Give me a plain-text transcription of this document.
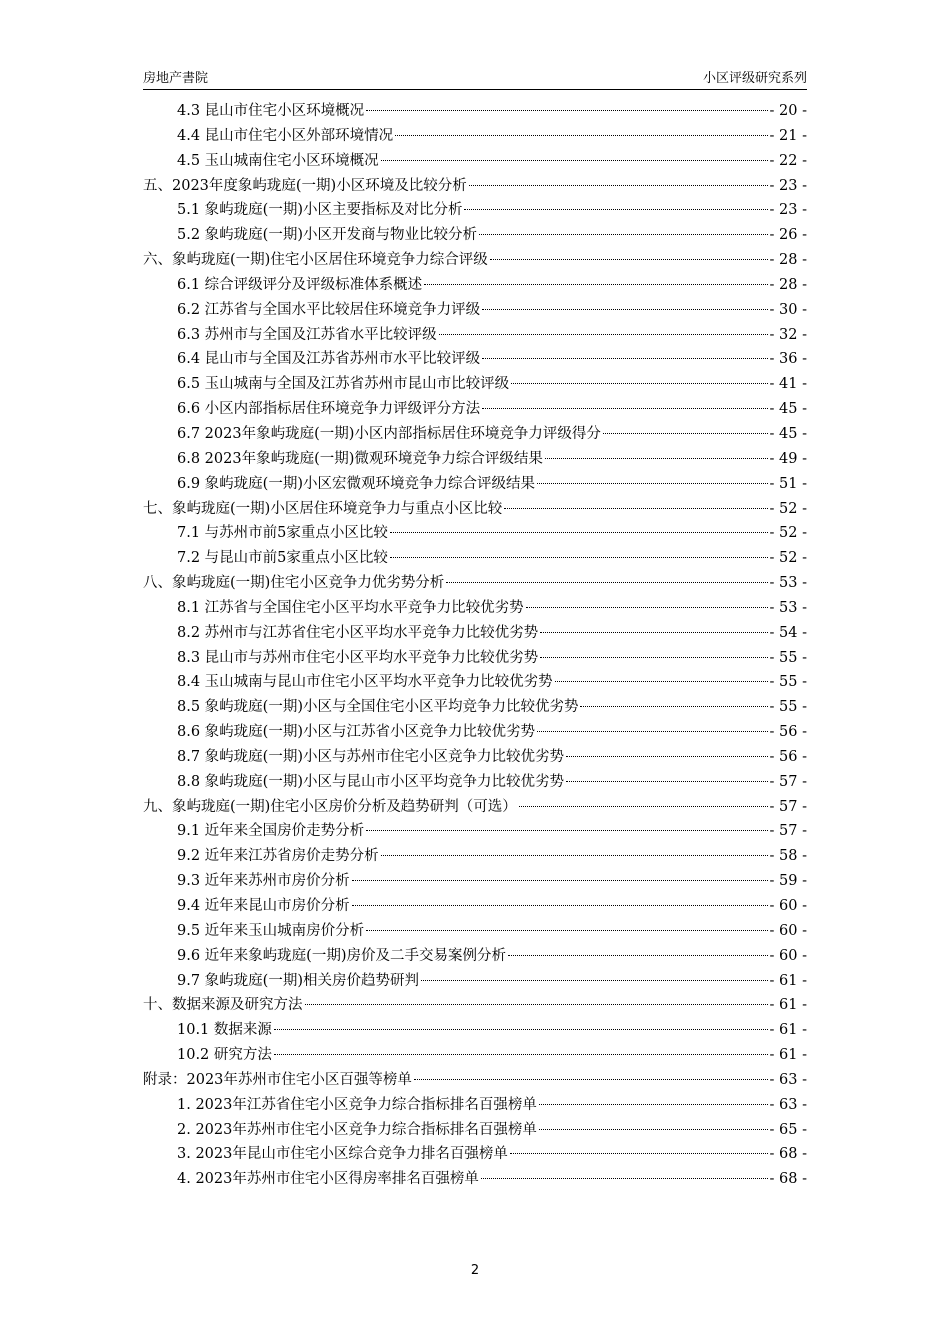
房地产書院	小区评级研究系列
4.3 昆山市住宅小区环境概况	- 20 -
4.4 昆山市住宅小区外部环境情况	- 21 -
4.5 玉山城南住宅小区环境概况	- 22 -
五、2023年度象屿珑庭(一期)小区环境及比较分析	- 23 -
5.1 象屿珑庭(一期)小区主要指标及对比分析	- 23 -
5.2 象屿珑庭(一期)小区开发商与物业比较分析	- 26 -
六、象屿珑庭(一期)住宅小区居住环境竞争力综合评级	- 28 -
6.1 综合评级评分及评级标准体系概述	- 28 -
6.2 江苏省与全国水平比较居住环境竞争力评级	- 30 -
6.3 苏州市与全国及江苏省水平比较评级	- 32 -
6.4 昆山市与全国及江苏省苏州市水平比较评级	- 36 -
6.5 玉山城南与全国及江苏省苏州市昆山市比较评级	- 41 -
6.6 小区内部指标居住环境竞争力评级评分方法	- 45 -
6.7 2023年象屿珑庭(一期)小区内部指标居住环境竞争力评级得分	- 45 -
6.8 2023年象屿珑庭(一期)微观环境竞争力综合评级结果	- 49 -
6.9 象屿珑庭(一期)小区宏微观环境竞争力综合评级结果	- 51 -
七、象屿珑庭(一期)小区居住环境竞争力与重点小区比较	- 52 -
7.1 与苏州市前5家重点小区比较	- 52 -
7.2 与昆山市前5家重点小区比较	- 52 -
八、象屿珑庭(一期)住宅小区竞争力优劣势分析	- 53 -
8.1 江苏省与全国住宅小区平均水平竞争力比较优劣势	- 53 -
8.2 苏州市与江苏省住宅小区平均水平竞争力比较优劣势	- 54 -
8.3 昆山市与苏州市住宅小区平均水平竞争力比较优劣势	- 55 -
8.4 玉山城南与昆山市住宅小区平均水平竞争力比较优劣势	- 55 -
8.5 象屿珑庭(一期)小区与全国住宅小区平均竞争力比较优劣势	- 55 -
8.6 象屿珑庭(一期)小区与江苏省小区竞争力比较优劣势	- 56 -
8.7 象屿珑庭(一期)小区与苏州市住宅小区竞争力比较优劣势	- 56 -
8.8 象屿珑庭(一期)小区与昆山市小区平均竞争力比较优劣势	- 57 -
九、象屿珑庭(一期)住宅小区房价分析及趋势研判（可选）	- 57 -
9.1 近年来全国房价走势分析	- 57 -
9.2 近年来江苏省房价走势分析	- 58 -
9.3 近年来苏州市房价分析	- 59 -
9.4 近年来昆山市房价分析	- 60 -
9.5 近年来玉山城南房价分析	- 60 -
9.6 近年来象屿珑庭(一期)房价及二手交易案例分析	- 60 -
9.7 象屿珑庭(一期)相关房价趋势研判	- 61 -
十、数据来源及研究方法	- 61 -
10.1 数据来源	- 61 -
10.2 研究方法	- 61 -
附录：2023年苏州市住宅小区百强等榜单	- 63 -
1. 2023年江苏省住宅小区竞争力综合指标排名百强榜单	- 63 -
2. 2023年苏州市住宅小区竞争力综合指标排名百强榜单	- 65 -
3. 2023年昆山市住宅小区综合竞争力排名百强榜单	- 68 -
4. 2023年苏州市住宅小区得房率排名百强榜单	- 68 -
2
